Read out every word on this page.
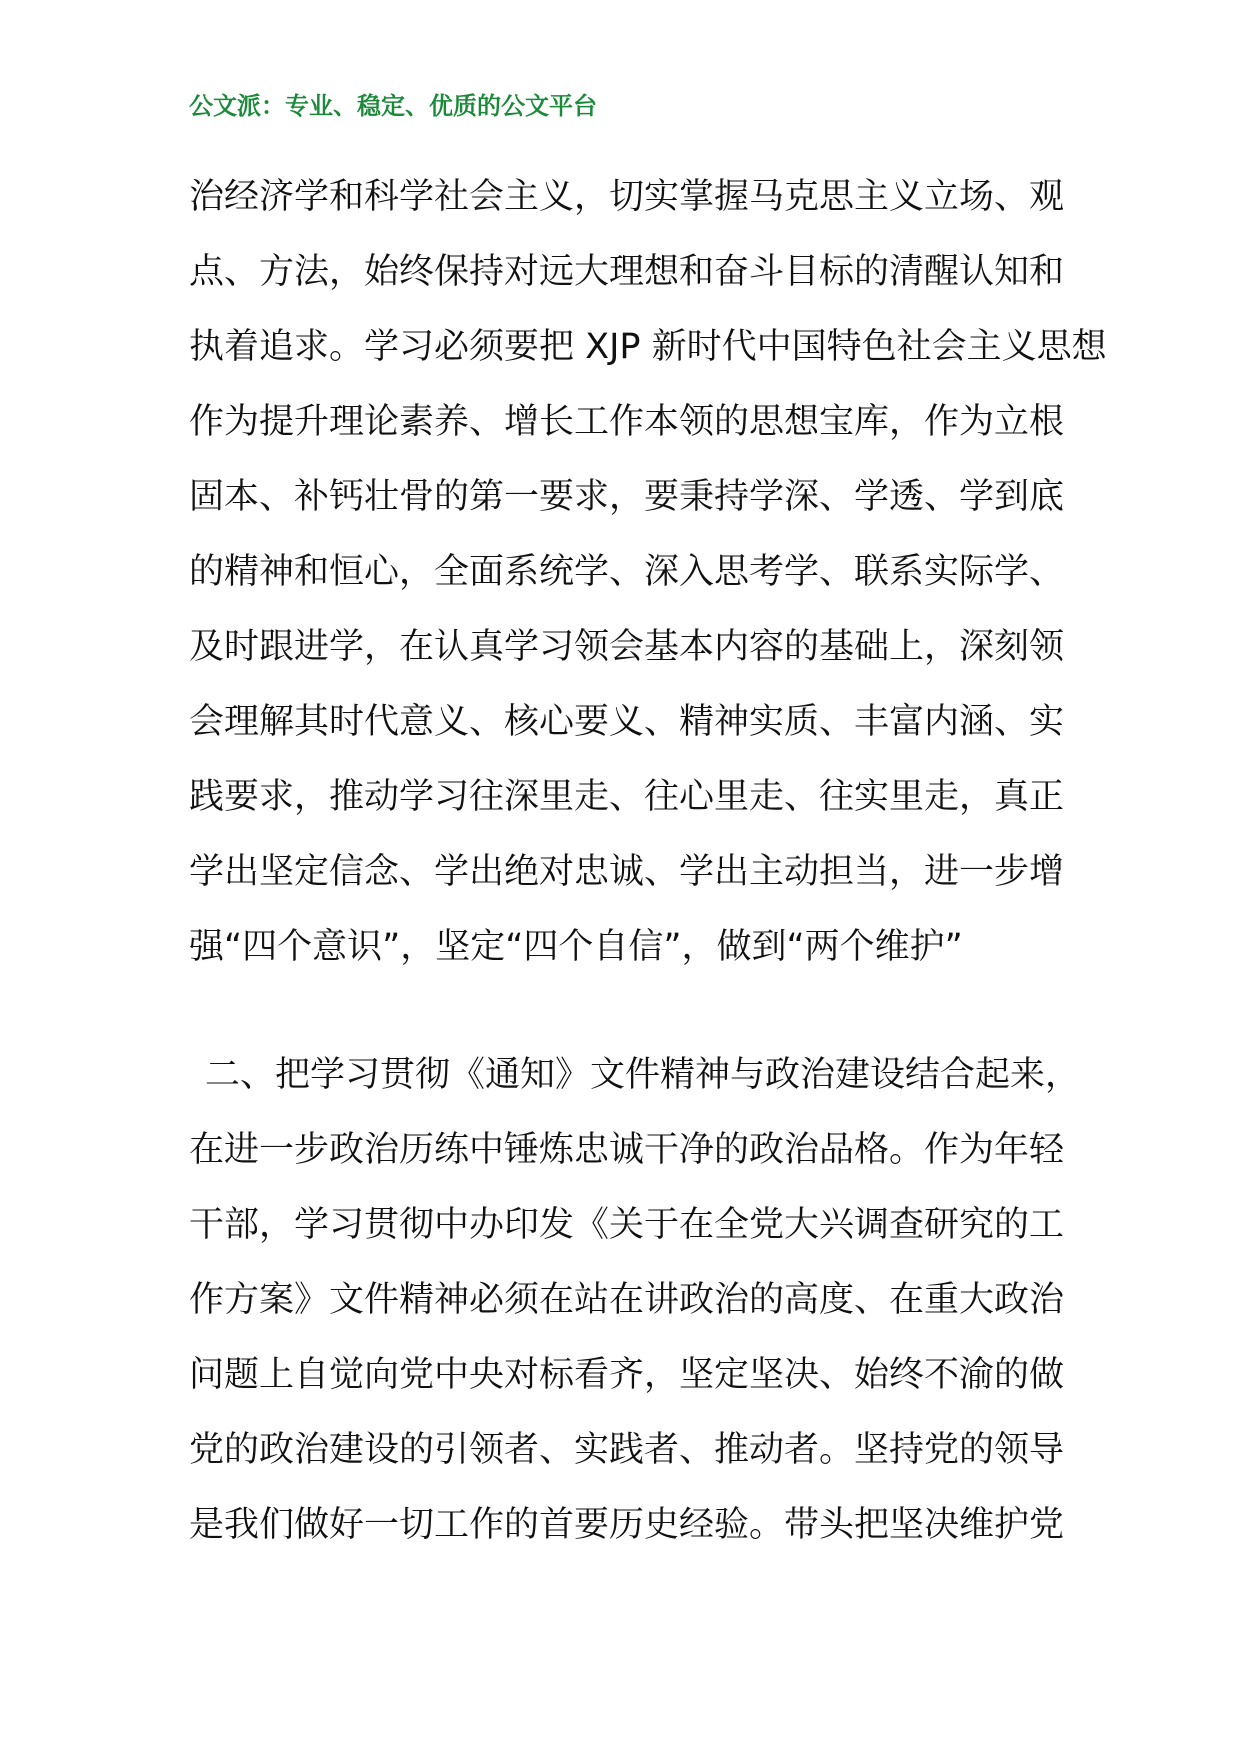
公文派：专业、稳定、优质的公文平台
治经济学和科学社会主义，切实掌握马克思主义立场、观
点、方法，始终保持对远大理想和奋斗目标的清醒认知和
执着追求。学习必须要把 XJP 新时代中国特色社会主义思想
作为提升理论素养、增长工作本领的思想宝库，作为立根
固本、补钙壮骨的第一要求，要秉持学深、学透、学到底
的精神和恒心，全面系统学、深入思考学、联系实际学、
及时跟进学，在认真学习领会基本内容的基础上，深刻领
会理解其时代意义、核心要义、精神实质、丰富内涵、实
践要求，推动学习往深里走、往心里走、往实里走，真正
学出坚定信念、学出绝对忠诚、学出主动担当，进一步增
强“四个意识”，坚定“四个自信”，做到“两个维护”
二、把学习贯彻《通知》文件精神与政治建设结合起来，
在进一步政治历练中锤炼忠诚干净的政治品格。作为年轻
干部，学习贯彻中办印发《关于在全党大兴调查研究的工
作方案》文件精神必须在站在讲政治的高度、在重大政治
问题上自觉向党中央对标看齐，坚定坚决、始终不渝的做
党的政治建设的引领者、实践者、推动者。坚持党的领导
是我们做好一切工作的首要历史经验。带头把坚决维护党
